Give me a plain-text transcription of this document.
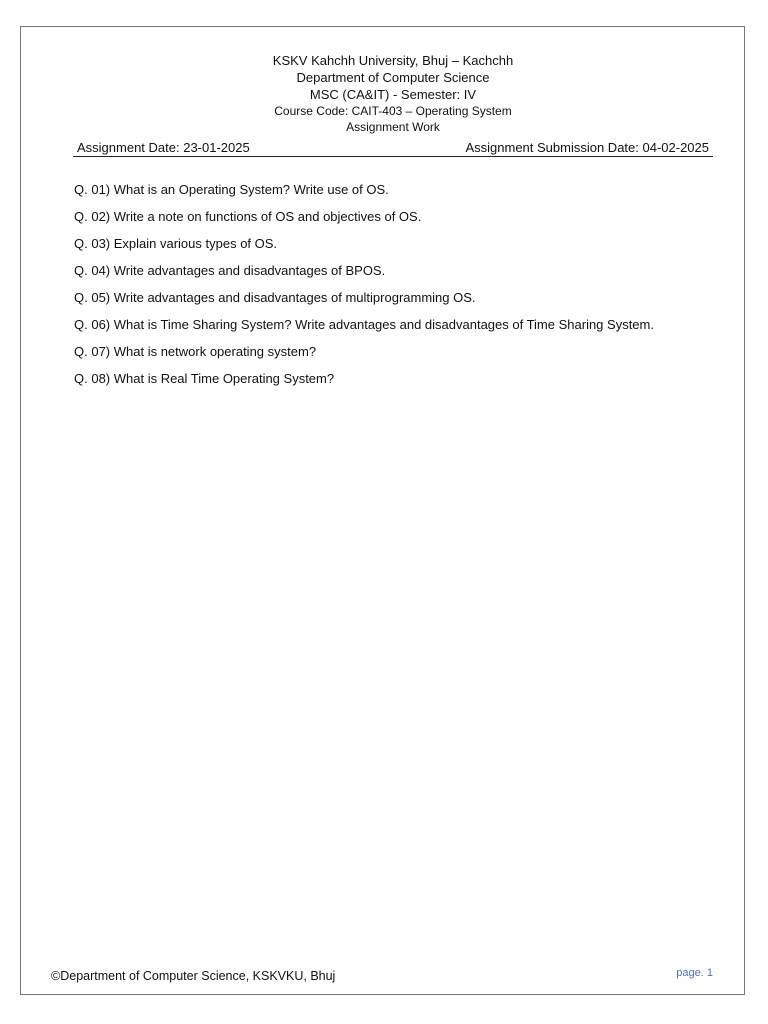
KSKV Kahchh University, Bhuj – Kachchh
Department of Computer Science
MSC (CA&IT) - Semester: IV
Course Code: CAIT-403 – Operating System
Assignment Work
Assignment Date: 23-01-2025	Assignment Submission Date: 04-02-2025
Q. 01) What is an Operating System? Write use of OS.
Q. 02) Write a note on functions of OS and objectives of OS.
Q. 03) Explain various types of OS.
Q. 04) Write advantages and disadvantages of BPOS.
Q. 05) Write advantages and disadvantages of multiprogramming OS.
Q. 06) What is Time Sharing System? Write advantages and disadvantages of Time Sharing System.
Q. 07) What is network operating system?
Q. 08) What is Real Time Operating System?
©Department of Computer Science, KSKVKU, Bhuj	page. 1
